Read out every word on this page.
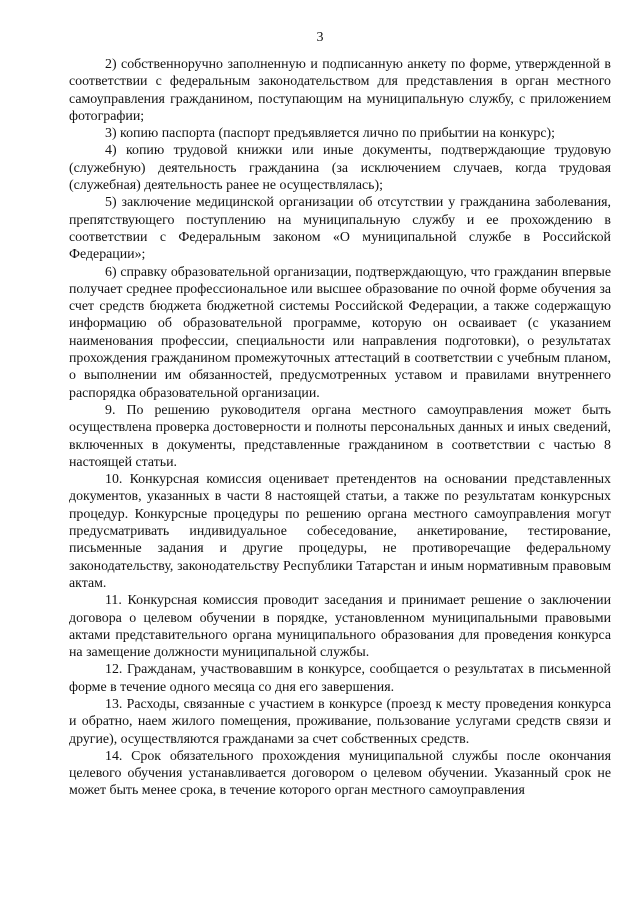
3

2) собственноручно заполненную и подписанную анкету по форме, утвержденной в соответствии с федеральным законодательством для представления в орган местного самоуправления гражданином, поступающим на муниципальную службу, с приложением фотографии;

3) копию паспорта (паспорт предъявляется лично по прибытии на конкурс);

4) копию трудовой книжки или иные документы, подтверждающие трудовую (служебную) деятельность гражданина (за исключением случаев, когда трудовая (служебная) деятельность ранее не осуществлялась);

5) заключение медицинской организации об отсутствии у гражданина заболевания, препятствующего поступлению на муниципальную службу и ее прохождению в соответствии с Федеральным законом «О муниципальной службе в Российской Федерации»;

6) справку образовательной организации, подтверждающую, что гражданин впервые получает среднее профессиональное или высшее образование по очной форме обучения за счет средств бюджета бюджетной системы Российской Федерации, а также содержащую информацию об образовательной программе, которую он осваивает (с указанием наименования профессии, специальности или направления подготовки), о результатах прохождения гражданином промежуточных аттестаций в соответствии с учебным планом, о выполнении им обязанностей, предусмотренных уставом и правилами внутреннего распорядка образовательной организации.

9. По решению руководителя органа местного самоуправления может быть осуществлена проверка достоверности и полноты персональных данных и иных сведений, включенных в документы, представленные гражданином в соответствии с частью 8 настоящей статьи.

10. Конкурсная комиссия оценивает претендентов на основании представленных документов, указанных в части 8 настоящей статьи, а также по результатам конкурсных процедур. Конкурсные процедуры по решению органа местного самоуправления могут предусматривать индивидуальное собеседование, анкетирование, тестирование, письменные задания и другие процедуры, не противоречащие федеральному законодательству, законодательству Республики Татарстан и иным нормативным правовым актам.

11. Конкурсная комиссия проводит заседания и принимает решение о заключении договора о целевом обучении в порядке, установленном муниципальными правовыми актами представительного органа муниципального образования для проведения конкурса на замещение должности муниципальной службы.

12. Гражданам, участвовавшим в конкурсе, сообщается о результатах в письменной форме в течение одного месяца со дня его завершения.

13. Расходы, связанные с участием в конкурсе (проезд к месту проведения конкурса и обратно, наем жилого помещения, проживание, пользование услугами средств связи и другие), осуществляются гражданами за счет собственных средств.

14. Срок обязательного прохождения муниципальной службы после окончания целевого обучения устанавливается договором о целевом обучении. Указанный срок не может быть менее срока, в течение которого орган местного самоуправления
